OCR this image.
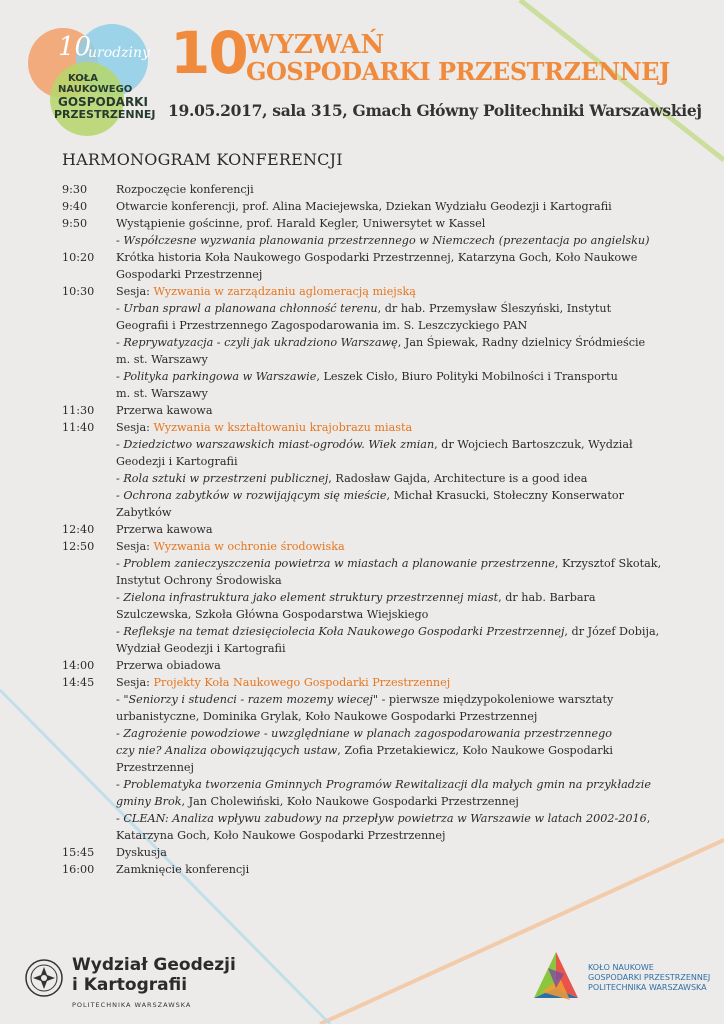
10
urodziny
KOŁA
NAUKOWEGO
GOSPODARKI
PRZESTRZENNEJ
10 WYZWAŃ
GOSPODARKI PRZESTRZENNEJ
19.05.2017, sala 315, Gmach Główny Politechniki Warszawskiej
HARMONOGRAM KONFERENCJI
9:30	Rozpoczęcie konferencji
9:40	Otwarcie konferencji, prof. Alina Maciejewska, Dziekan Wydziału Geodezji i Kartografii
9:50	Wystąpienie gościnne, prof. Harald Kegler, Uniwersytet w Kassel
- Współczesne wyzwania planowania przestrzennego w Niemczech (prezentacja po angielsku)
10:20	Krótka historia Koła Naukowego Gospodarki Przestrzennej, Katarzyna Goch, Koło Naukowe
Gospodarki Przestrzennej
10:30	Sesja: Wyzwania w zarządzaniu aglomeracją miejską
- Urban sprawl a planowana chłonność terenu, dr hab. Przemysław Śleszyński, Instytut
Geografii i Przestrzennego Zagospodarowania im. S. Leszczyckiego PAN
- Reprywatyzacja - czyli jak ukradziono Warszawę, Jan Śpiewak, Radny dzielnicy Śródmieście
m. st. Warszawy
- Polityka parkingowa w Warszawie, Leszek Cisło, Biuro Polityki Mobilności i Transportu
m. st. Warszawy
11:30	Przerwa kawowa
11:40	Sesja: Wyzwania w kształtowaniu krajobrazu miasta
- Dziedzictwo warszawskich miast-ogrodów. Wiek zmian, dr Wojciech Bartoszczuk, Wydział
Geodezji i Kartografii
- Rola sztuki w przestrzeni publicznej, Radosław Gajda, Architecture is a good idea
- Ochrona zabytków w rozwijającym się mieście, Michał Krasucki, Stołeczny Konserwator
Zabytków
12:40	Przerwa kawowa
12:50	Sesja: Wyzwania w ochronie środowiska
- Problem zanieczyszczenia powietrza w miastach a planowanie przestrzenne, Krzysztof Skotak,
Instytut Ochrony Środowiska
- Zielona infrastruktura jako element struktury przestrzennej miast, dr hab. Barbara
Szulczewska, Szkoła Główna Gospodarstwa Wiejskiego
- Refleksje na temat dziesięciolecia Koła Naukowego Gospodarki Przestrzennej, dr Józef Dobija,
Wydział Geodezji i Kartografii
14:00	Przerwa obiadowa
14:45	Sesja: Projekty Koła Naukowego Gospodarki Przestrzennej
- "Seniorzy i studenci - razem mozemy wiecej" - pierwsze międzypokoleniowe warsztaty
urbanistyczne, Dominika Grylak, Koło Naukowe Gospodarki Przestrzennej
- Zagrożenie powodziowe - uwzględniane w planach zagospodarowania przestrzennego
czy nie? Analiza obowiązujących ustaw, Zofia Przetakiewicz, Koło Naukowe Gospodarki
Przestrzennej
- Problematyka tworzenia Gminnych Programów Rewitalizacji dla małych gmin na przykładzie
gminy Brok, Jan Cholewiński, Koło Naukowe Gospodarki Przestrzennej
- CLEAN: Analiza wpływu zabudowy na przepływ powietrza w Warszawie w latach 2002-2016,
Katarzyna Goch, Koło Naukowe Gospodarki Przestrzennej
15:45	Dyskusja
16:00	Zamknięcie konferencji
Wydział Geodezji
i Kartografii
POLITECHNIKA WARSZAWSKA
KOŁO NAUKOWE
GOSPODARKI PRZESTRZENNEJ
POLITECHNIKA WARSZAWSKA
